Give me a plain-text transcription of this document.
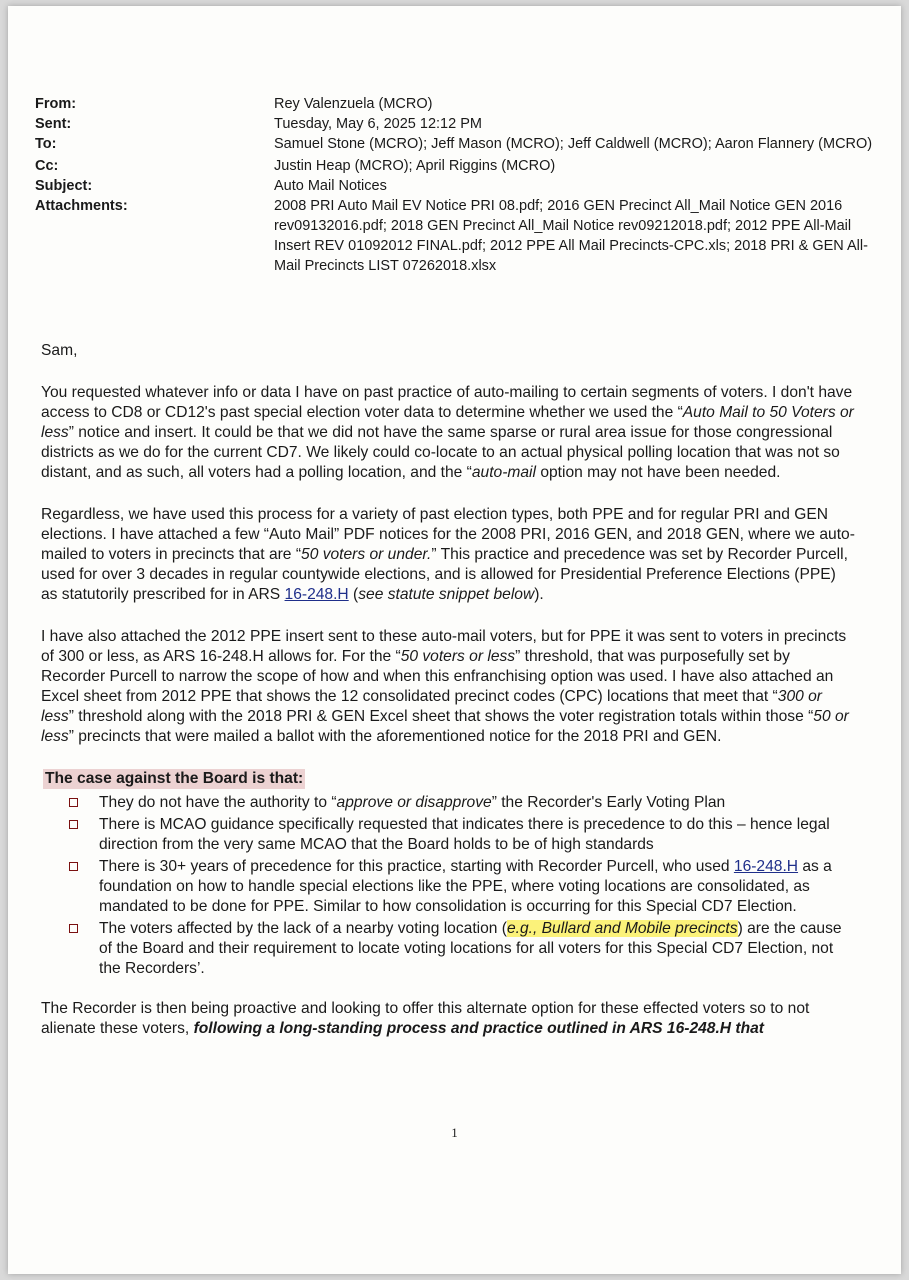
From:	Rey Valenzuela (MCRO)
Sent:	Tuesday, May 6, 2025 12:12 PM
To:	Samuel Stone (MCRO); Jeff Mason (MCRO); Jeff Caldwell (MCRO); Aaron Flannery (MCRO)
Cc:	Justin Heap (MCRO); April Riggins (MCRO)
Subject:	Auto Mail Notices
Attachments:	2008 PRI Auto Mail EV Notice PRI 08.pdf; 2016 GEN Precinct All_Mail Notice GEN 2016 rev09132016.pdf; 2018 GEN Precinct All_Mail Notice rev09212018.pdf; 2012 PPE All-Mail Insert REV 01092012 FINAL.pdf; 2012 PPE All Mail Precincts-CPC.xls; 2018 PRI & GEN All-Mail Precincts LIST 07262018.xlsx

Sam,

You requested whatever info or data I have on past practice of auto-mailing to certain segments of voters. I don't have access to CD8 or CD12's past special election voter data to determine whether we used the “Auto Mail to 50 Voters or less” notice and insert. It could be that we did not have the same sparse or rural area issue for those congressional districts as we do for the current CD7. We likely could co-locate to an actual physical polling location that was not so distant, and as such, all voters had a polling location, and the “auto-mail option may not have been needed.

Regardless, we have used this process for a variety of past election types, both PPE and for regular PRI and GEN elections. I have attached a few “Auto Mail” PDF notices for the 2008 PRI, 2016 GEN, and 2018 GEN, where we auto-mailed to voters in precincts that are “50 voters or under.” This practice and precedence was set by Recorder Purcell, used for over 3 decades in regular countywide elections, and is allowed for Presidential Preference Elections (PPE) as statutorily prescribed for in ARS 16-248.H (see statute snippet below).

I have also attached the 2012 PPE insert sent to these auto-mail voters, but for PPE it was sent to voters in precincts of 300 or less, as ARS 16-248.H allows for. For the “50 voters or less” threshold, that was purposefully set by Recorder Purcell to narrow the scope of how and when this enfranchising option was used. I have also attached an Excel sheet from 2012 PPE that shows the 12 consolidated precinct codes (CPC) locations that meet that “300 or less” threshold along with the 2018 PRI & GEN Excel sheet that shows the voter registration totals within those “50 or less” precincts that were mailed a ballot with the aforementioned notice for the 2018 PRI and GEN.

The case against the Board is that:
They do not have the authority to “approve or disapprove” the Recorder's Early Voting Plan
There is MCAO guidance specifically requested that indicates there is precedence to do this – hence legal direction from the very same MCAO that the Board holds to be of high standards
There is 30+ years of precedence for this practice, starting with Recorder Purcell, who used 16-248.H as a foundation on how to handle special elections like the PPE, where voting locations are consolidated, as mandated to be done for PPE. Similar to how consolidation is occurring for this Special CD7 Election.
The voters affected by the lack of a nearby voting location (e.g., Bullard and Mobile precincts) are the cause of the Board and their requirement to locate voting locations for all voters for this Special CD7 Election, not the Recorders’.

The Recorder is then being proactive and looking to offer this alternate option for these effected voters so to not alienate these voters, following a long-standing process and practice outlined in ARS 16-248.H that

1
